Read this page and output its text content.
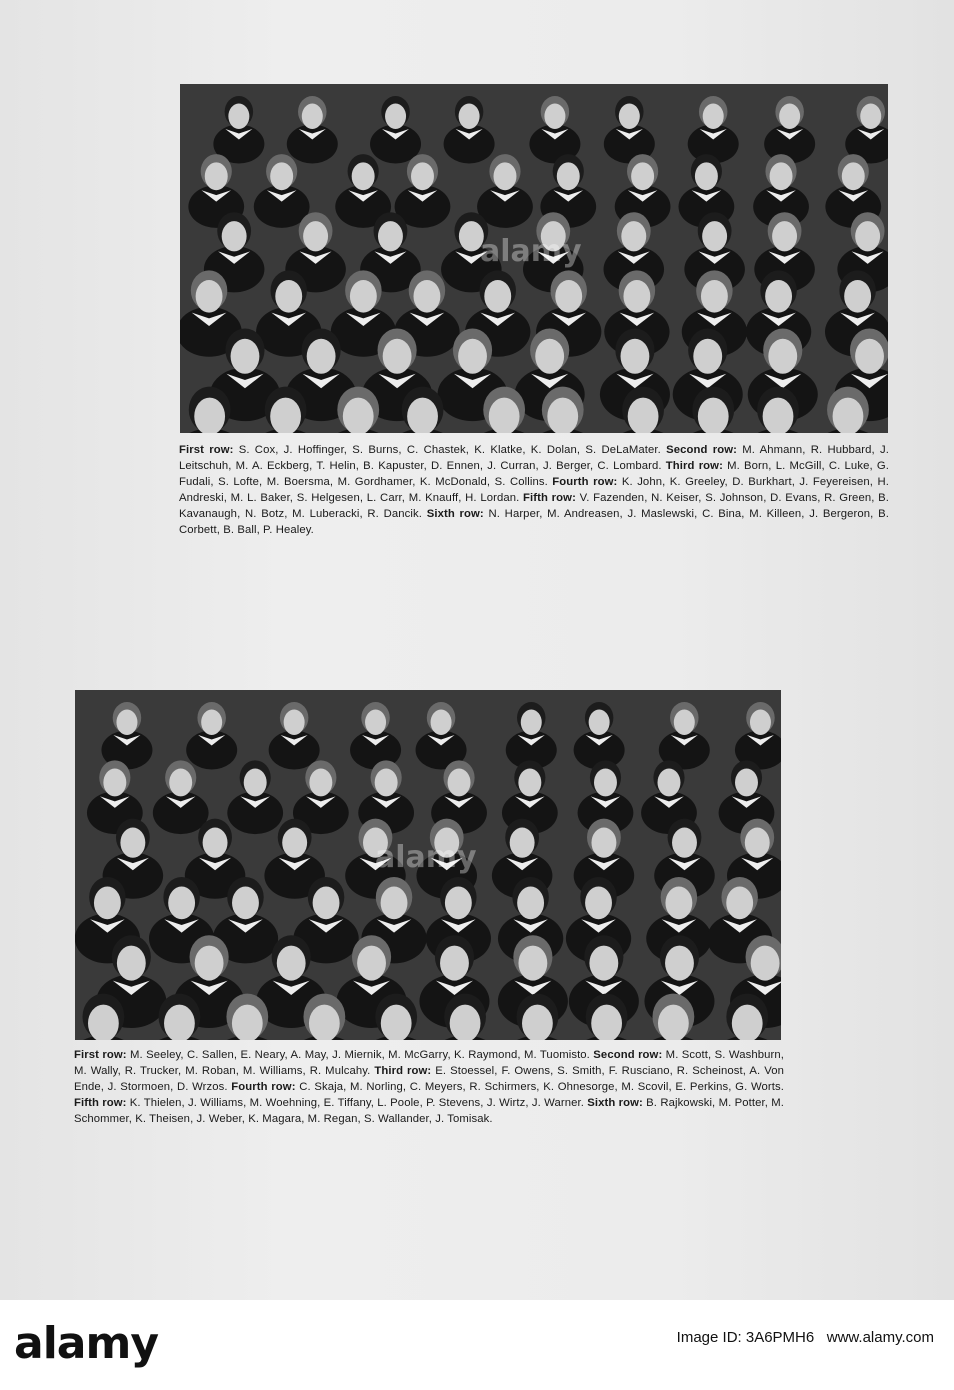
alamy
First row: S. Cox, J. Hoffinger, S. Burns, C. Chastek, K. Klatke, K. Dolan, S. DeLaMater. Second row: M. Ahmann, R. Hubbard, J. Leitschuh, M. A. Eckberg, T. Helin, B. Kapuster, D. Ennen, J. Curran, J. Berger, C. Lombard. Third row: M. Born, L. McGill, C. Luke, G. Fudali, S. Lofte, M. Boersma, M. Gordhamer, K. McDonald, S. Collins. Fourth row: K. John, K. Greeley, D. Burkhart, J. Feyereisen, H. Andreski, M. L. Baker, S. Helgesen, L. Carr, M. Knauff, H. Lordan. Fifth row: V. Fazenden, N. Keiser, S. Johnson, D. Evans, R. Green, B. Kavanaugh, N. Botz, M. Luberacki, R. Dancik. Sixth row: N. Harper, M. Andreasen, J. Maslewski, C. Bina, M. Killeen, J. Bergeron, B. Corbett, B. Ball, P. Healey.
alamy
First row: M. Seeley, C. Sallen, E. Neary, A. May, J. Miernik, M. McGarry, K. Raymond, M. Tuomisto. Second row: M. Scott, S. Washburn, M. Wally, R. Trucker, M. Roban, M. Williams, R. Mulcahy. Third row: E. Stoessel, F. Owens, S. Smith, F. Rusciano, R. Scheinost, A. Von Ende, J. Stormoen, D. Wrzos. Fourth row: C. Skaja, M. Norling, C. Meyers, R. Schirmers, K. Ohnesorge, M. Scovil, E. Perkins, G. Worts. Fifth row: K. Thielen, J. Williams, M. Woehning, E. Tiffany, L. Poole, P. Stevens, J. Wirtz, J. Warner. Sixth row: B. Rajkowski, M. Potter, M. Schommer, K. Theisen, J. Weber, K. Magara, M. Regan, S. Wallander, J. Tomisak.
alamy	Image ID: 3A6PMH6 www.alamy.com
